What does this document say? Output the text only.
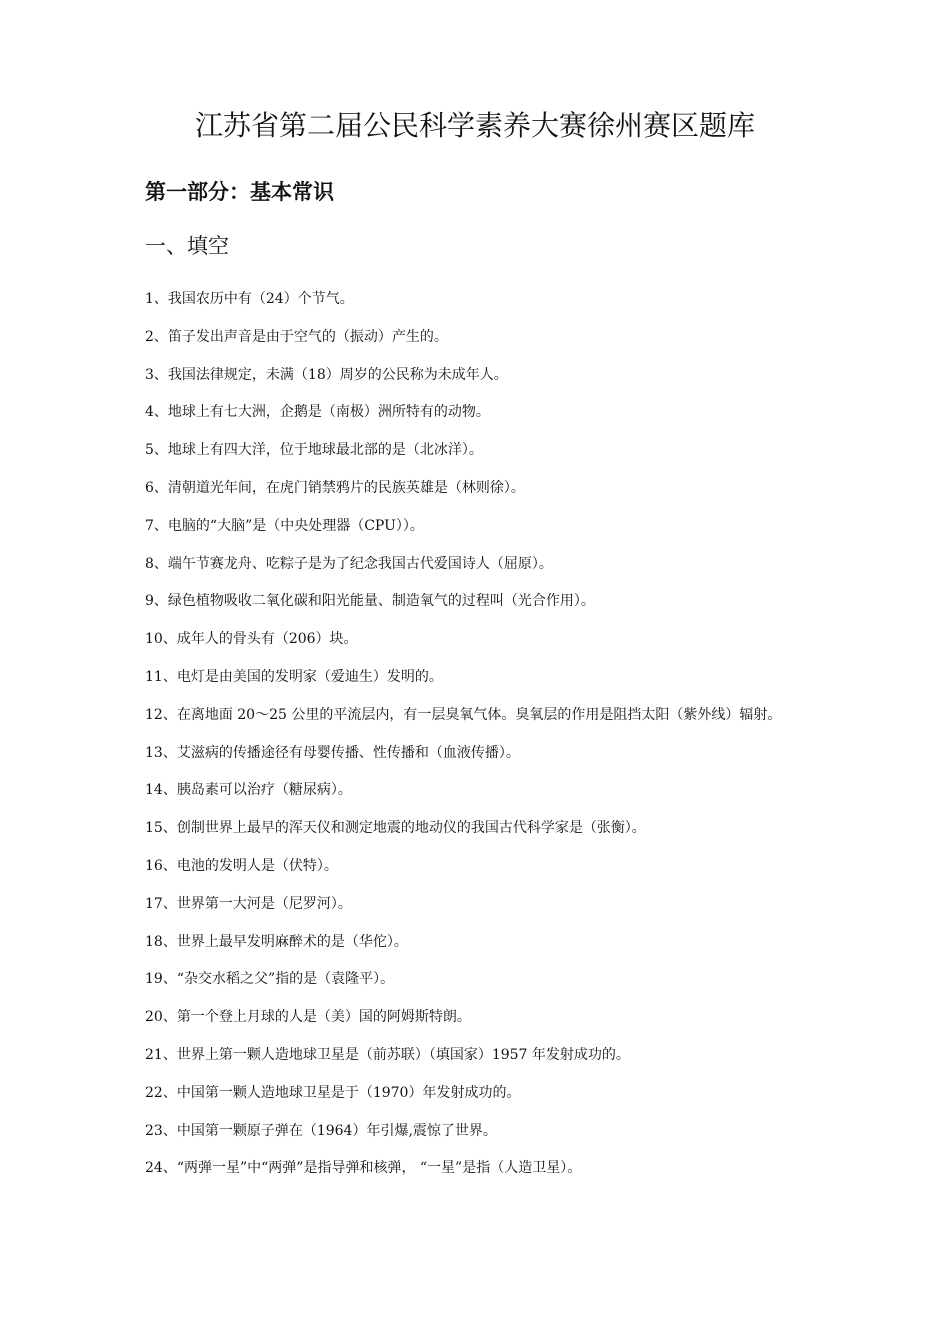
江苏省第二届公民科学素养大赛徐州赛区题库
第一部分：基本常识
一、填空
1、我国农历中有（24）个节气。
2、笛子发出声音是由于空气的（振动）产生的。
3、我国法律规定，未满（18）周岁的公民称为未成年人。
4、地球上有七大洲，企鹅是（南极）洲所特有的动物。
5、地球上有四大洋，位于地球最北部的是（北冰洋）。
6、清朝道光年间，在虎门销禁鸦片的民族英雄是（林则徐）。
7、电脑的“大脑”是（中央处理器（CPU））。
8、端午节赛龙舟、吃粽子是为了纪念我国古代爱国诗人（屈原）。
9、绿色植物吸收二氧化碳和阳光能量、制造氧气的过程叫（光合作用）。
10、成年人的骨头有（206）块。
11、电灯是由美国的发明家（爱迪生）发明的。
12、在离地面 20～25 公里的平流层内，有一层臭氧气体。臭氧层的作用是阻挡太阳（紫外线）辐射。
13、艾滋病的传播途径有母婴传播、性传播和（血液传播）。
14、胰岛素可以治疗（糖尿病）。
15、创制世界上最早的浑天仪和测定地震的地动仪的我国古代科学家是（张衡）。
16、电池的发明人是（伏特）。
17、世界第一大河是（尼罗河）。
18、世界上最早发明麻醉术的是（华佗）。
19、“杂交水稻之父”指的是（袁隆平）。
20、第一个登上月球的人是（美）国的阿姆斯特朗。
21、世界上第一颗人造地球卫星是（前苏联）（填国家）1957 年发射成功的。
22、中国第一颗人造地球卫星是于（1970）年发射成功的。
23、中国第一颗原子弹在（1964）年引爆,震惊了世界。
24、“两弹一星”中“两弹”是指导弹和核弹， “一星”是指（人造卫星）。
